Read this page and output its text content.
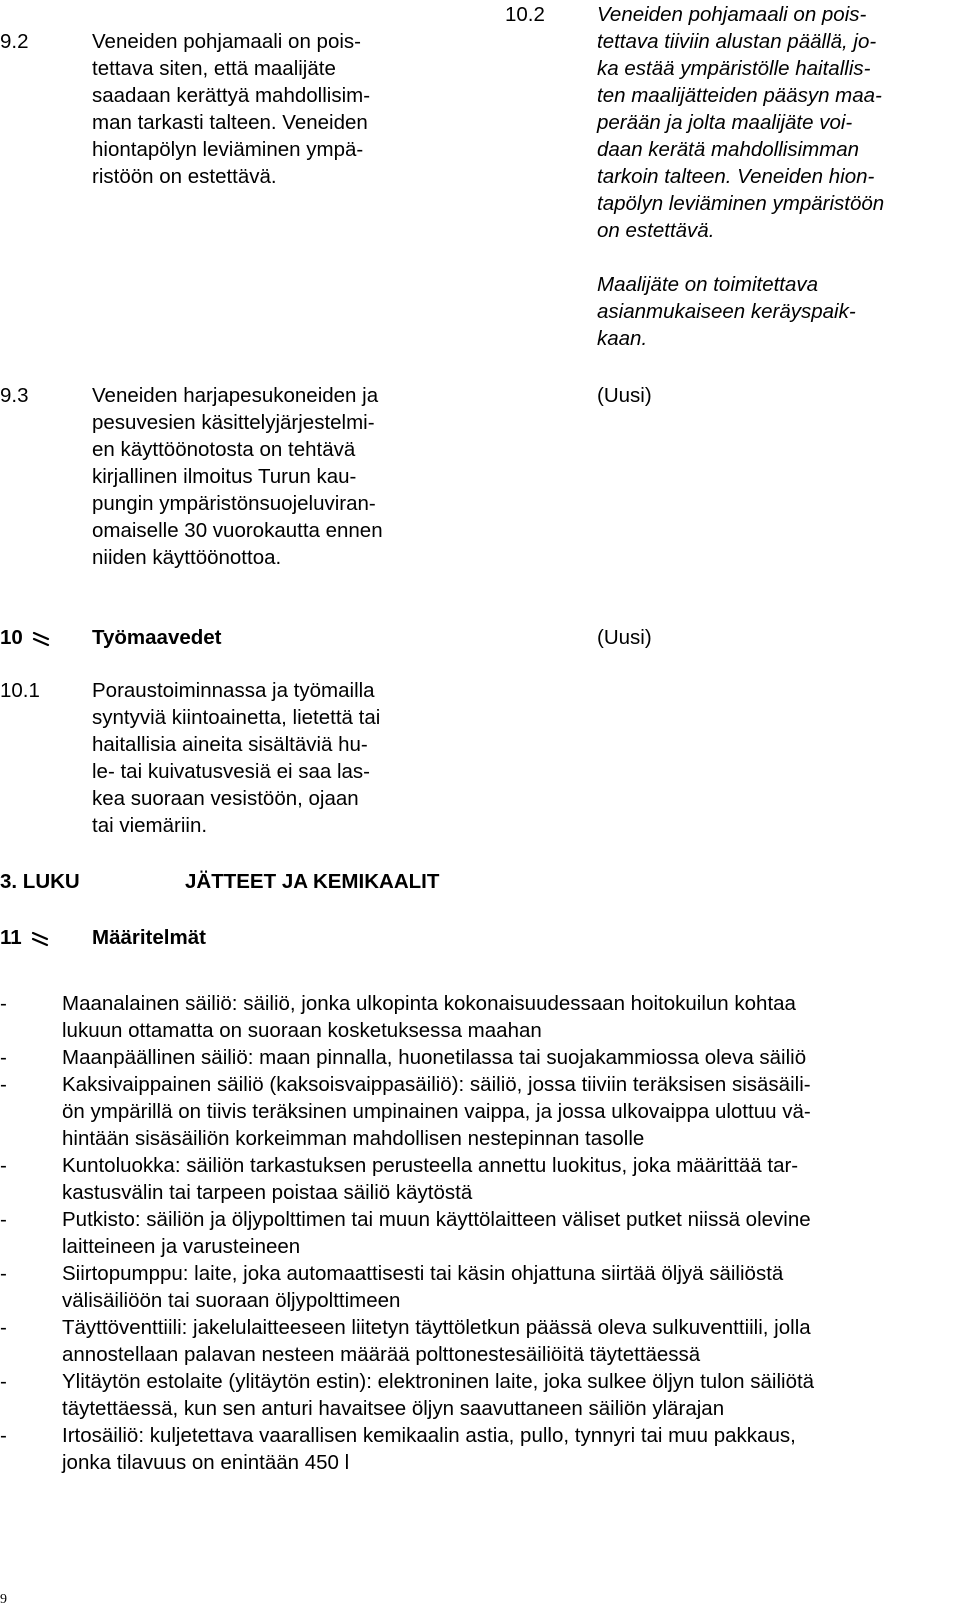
9.2	Veneiden pohjamaali on pois-
tettava siten, että maalijäte
saadaan kerättyä mahdollisim-
man tarkasti talteen. Veneiden
hiontapölyn leviäminen ympä-
ristöön on estettävä.
10.2	Veneiden pohjamaali on pois-
tettava tiiviin alustan päällä, jo-
ka estää ympäristölle haitallis-
ten maalijätteiden pääsyn maa-
perään ja jolta maalijäte voi-
daan kerätä mahdollisimman
tarkoin talteen. Veneiden hion-
tapölyn leviäminen ympäristöön
on estettävä.
Maalijäte on toimitettava
asianmukaiseen keräyspaik-
kaan.
9.3	Veneiden harjapesukoneiden ja
pesuvesien käsittelyjärjestelmi-
en käyttöönotosta on tehtävä
kirjallinen ilmoitus Turun kau-
pungin ympäristönsuojeluviran-
omaiselle 30 vuorokautta ennen
niiden käyttöönottoa.
(Uusi)
10	Työmaavedet	(Uusi)
10.1	Poraustoiminnassa ja työmailla
syntyviä kiintoainetta, lietettä tai
haitallisia aineita sisältäviä hu-
le- tai kuivatusvesiä ei saa las-
kea suoraan vesistöön, ojaan
tai viemäriin.
3. LUKU	JÄTTEET JA KEMIKAALIT
11	Määritelmät
-	Maanalainen säiliö: säiliö, jonka ulkopinta kokonaisuudessaan hoitokuilun kohtaa
lukuun ottamatta on suoraan kosketuksessa maahan
-	Maanpäällinen säiliö: maan pinnalla, huonetilassa tai suojakammiossa oleva säiliö
-	Kaksivaippainen säiliö (kaksoisvaippasäiliö): säiliö, jossa tiiviin teräksisen sisäsäili-
ön ympärillä on tiivis teräksinen umpinainen vaippa, ja jossa ulkovaippa ulottuu vä-
hintään sisäsäiliön korkeimman mahdollisen nestepinnan tasolle
-	Kuntoluokka: säiliön tarkastuksen perusteella annettu luokitus, joka määrittää tar-
kastusvälin tai tarpeen poistaa säiliö käytöstä
-	Putkisto: säiliön ja öljypolttimen tai muun käyttölaitteen väliset putket niissä olevine
laitteineen ja varusteineen
-	Siirtopumppu: laite, joka automaattisesti tai käsin ohjattuna siirtää öljyä säiliöstä
välisäiliöön tai suoraan öljypolttimeen
-	Täyttöventtiili: jakelulaitteeseen liitetyn täyttöletkun päässä oleva sulkuventtiili, jolla
annostellaan palavan nesteen määrää polttonestesäiliöitä täytettäessä
-	Ylitäytön estolaite (ylitäytön estin): elektroninen laite, joka sulkee öljyn tulon säiliötä
täytettäessä, kun sen anturi havaitsee öljyn saavuttaneen säiliön ylärajan
-	Irtosäiliö: kuljetettava vaarallisen kemikaalin astia, pullo, tynnyri tai muu pakkaus,
jonka tilavuus on enintään 450 l
9
